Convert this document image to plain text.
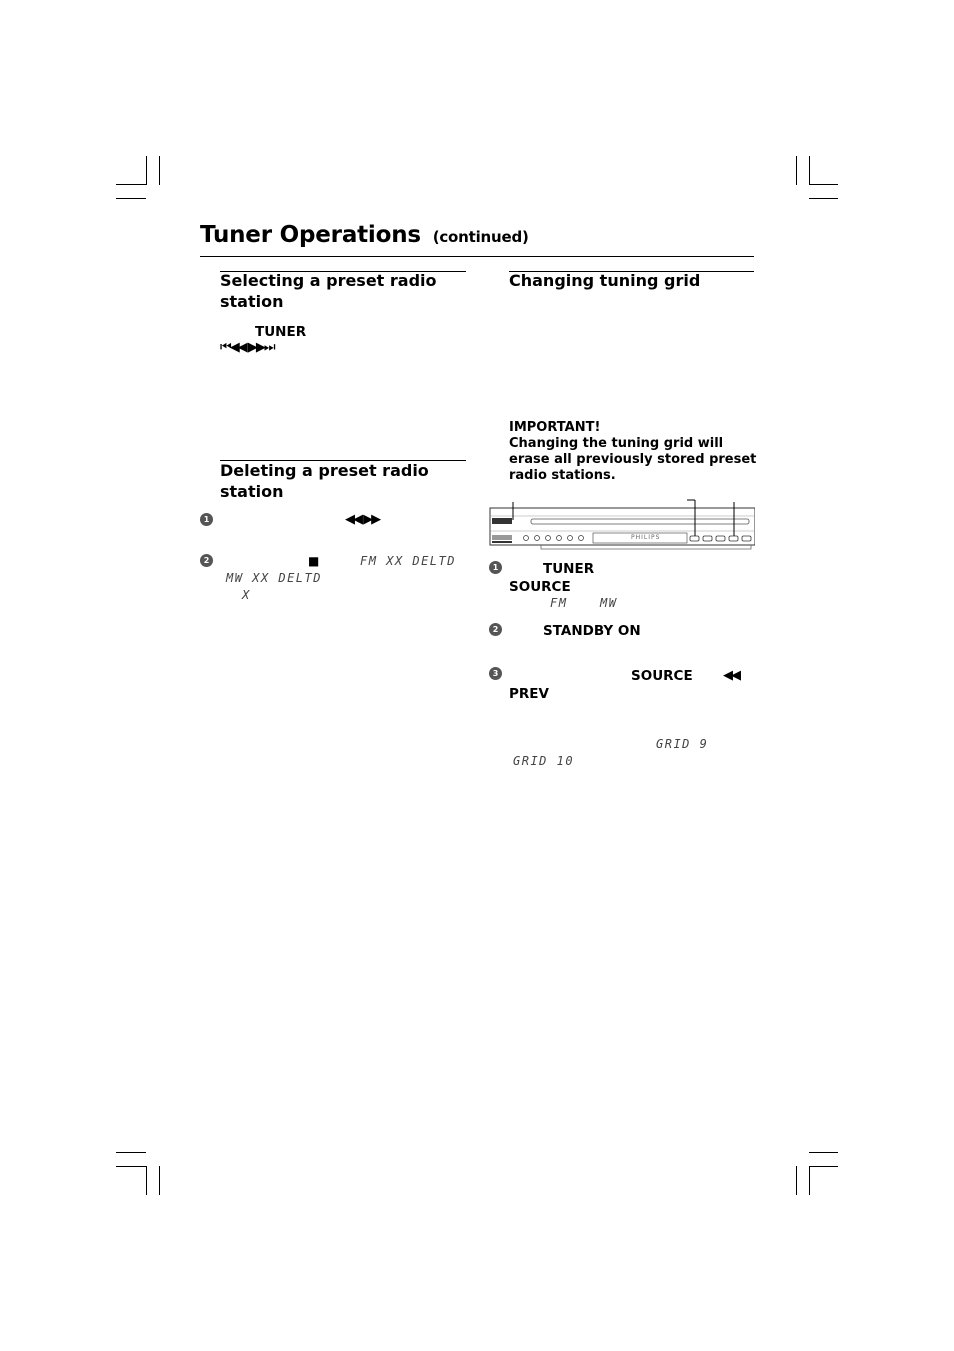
Tuner Operations (continued)
Selecting a preset radio station
TUNER
⏮◀◀ ▶▶⏭
Deleting a preset radio station
1	◀◀ ▶▶
2	■	FM XX DELTD
MW XX DELTD
X
Changing tuning grid
IMPORTANT!
Changing the tuning grid will erase all previously stored preset radio stations.
PHILIPS
1	TUNER
SOURCE
FM	MW
2	STANDBY ON
3	SOURCE ◀◀
PREV
GRID 9
GRID 10
